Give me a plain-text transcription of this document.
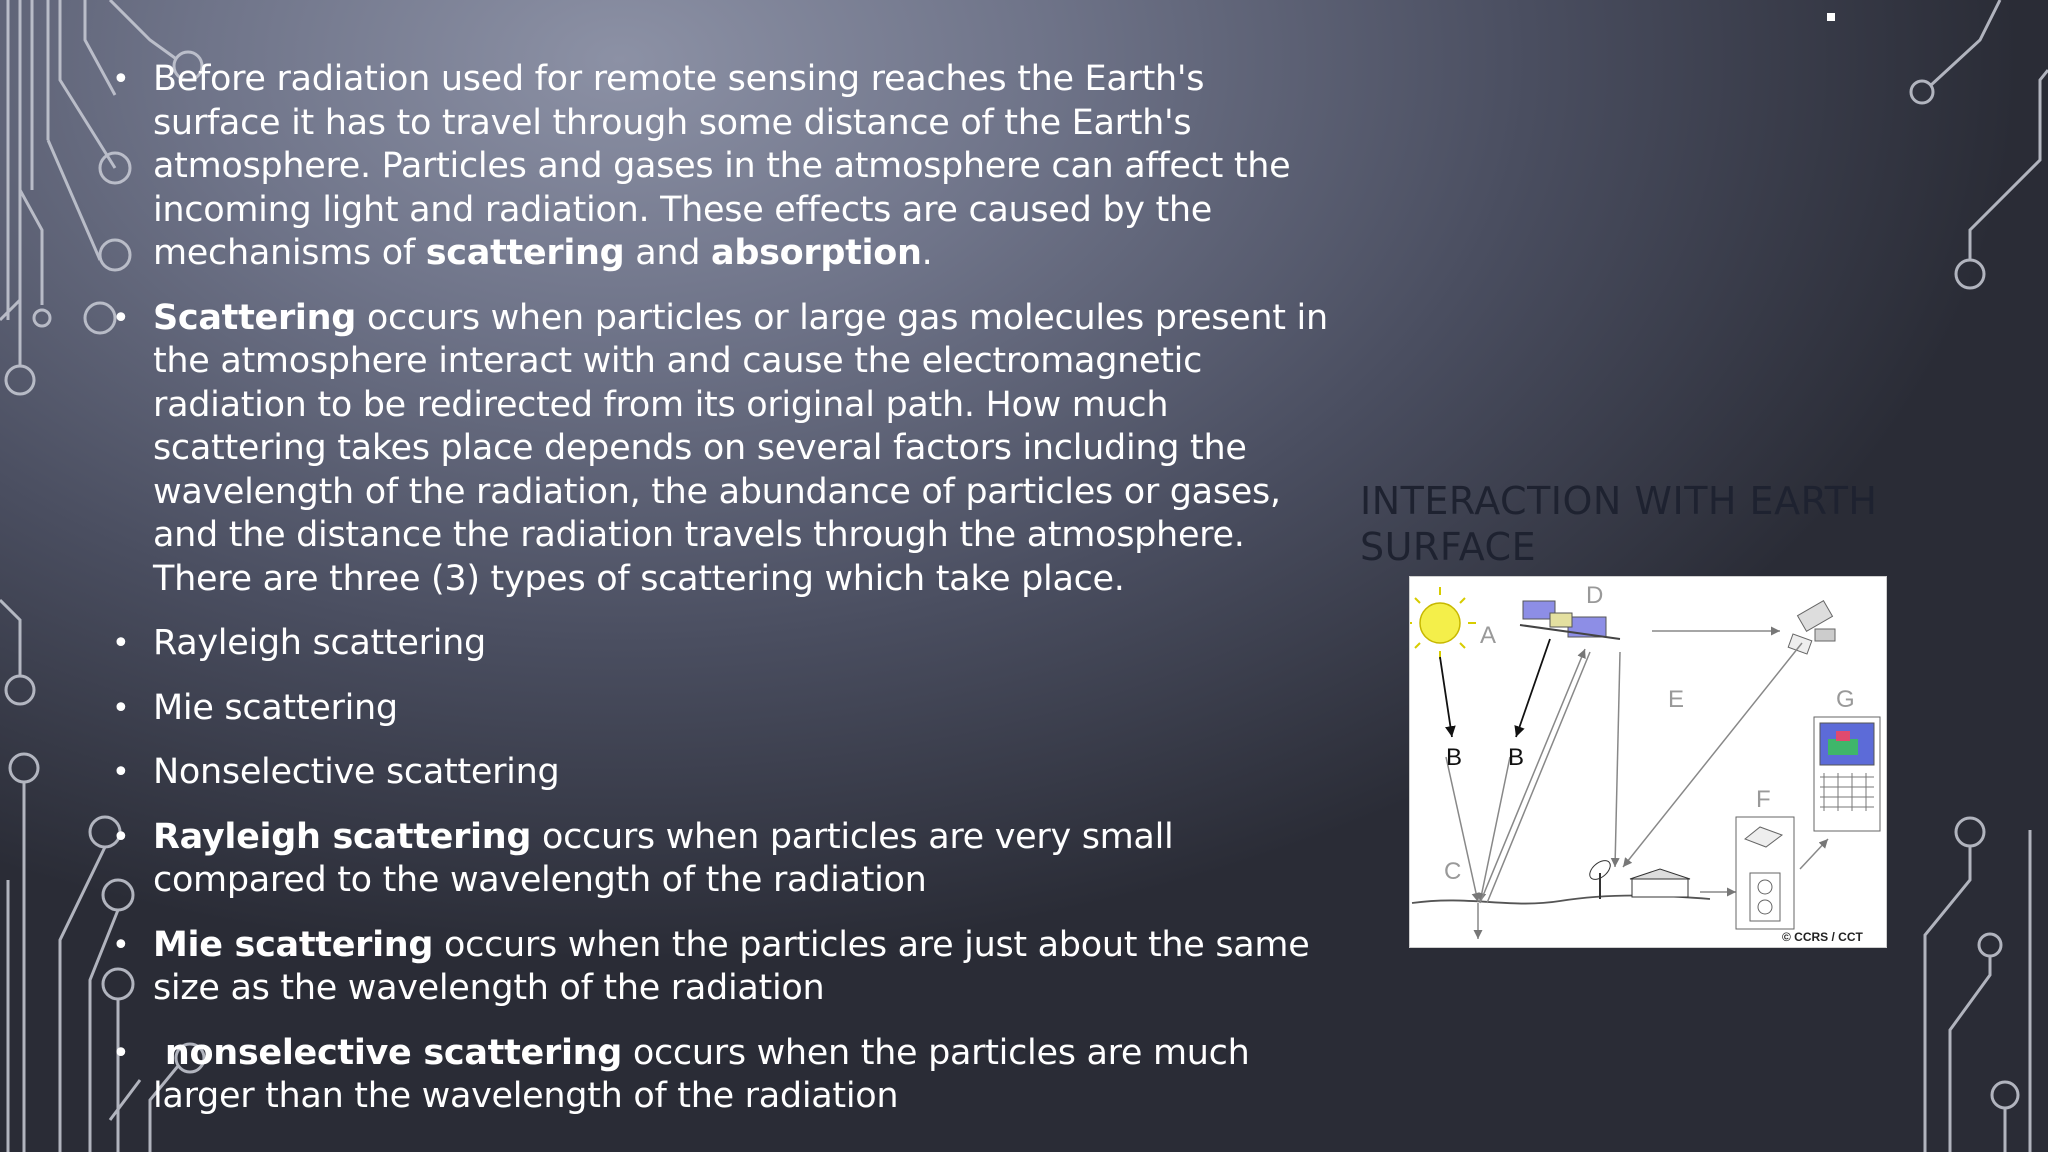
• Before radiation used for remote sensing reaches the Earth's surface it has to travel through some distance of the Earth's atmosphere. Particles and gases in the atmosphere can affect the incoming light and radiation. These effects are caused by the mechanisms of scattering and absorption.
• Scattering occurs when particles or large gas molecules present in the atmosphere interact with and cause the electromagnetic radiation to be redirected from its original path. How much scattering takes place depends on several factors including the wavelength of the radiation, the abundance of particles or gases, and the distance the radiation travels through the atmosphere. There are three (3) types of scattering which take place.
• Rayleigh scattering
• Mie scattering
• Nonselective scattering
• Rayleigh scattering occurs when particles are very small compared to the wavelength of the radiation
• Mie scattering occurs when the particles are just about the same size as the wavelength of the radiation
• nonselective scattering occurs when the particles are much larger than the wavelength of the radiation
INTERACTION WITH EARTH SURFACE
A
D
E	G
F
C
B B
© CCRS / CCT
